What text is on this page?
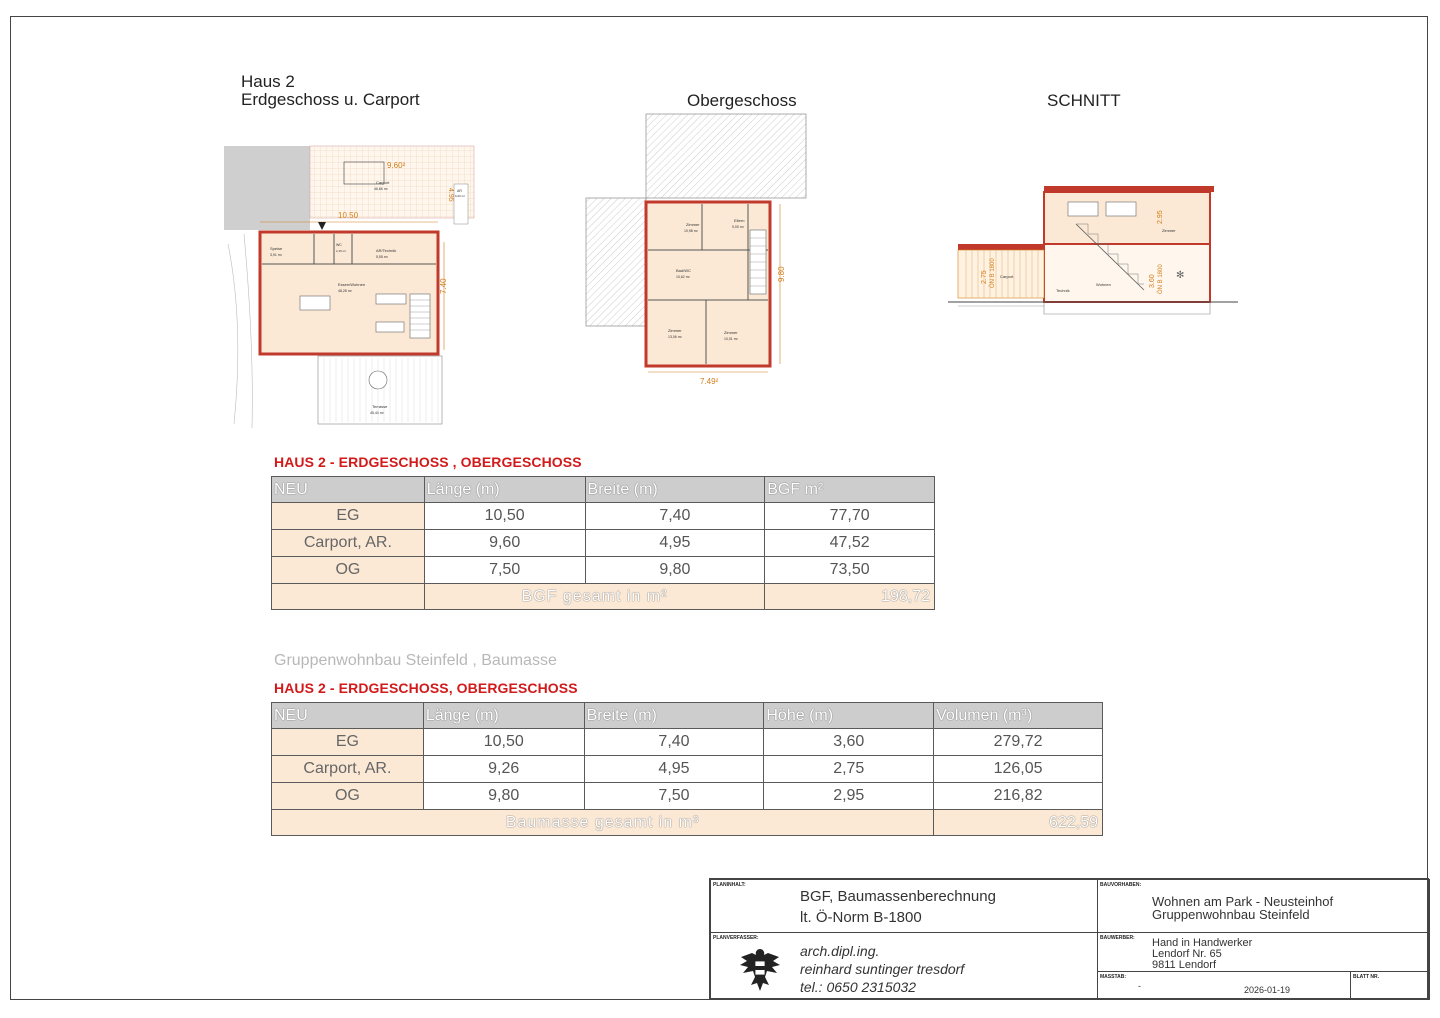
Haus 2
Erdgeschoss u. Carport	Obergeschoss	SCHNITT
Carport
46,66 m²
9.60²
4.95 AR
6,00 m²
10.50
Speise
3,91 m²
WC
2,15 m²	AR/Technik
5,55 m²
Essen/Wohnen
48,28 m²	7.40
Terrasse
45,44 m²
Zimmer
10,98 m²
Eltern
9,00 m²
Bad/WC
10,62 m²
Zimmer
13,06 m²
Zimmer
10,01 m²
7.49²
9.80
Zimmer
Wohnen
Technik
Carport
2.95
2.75 ÖN B 1800	3.60 ÖN B 1800 ✻
HAUS 2 - ERDGESCHOSS , OBERGESCHOSS
NEU	Länge (m)	Breite (m)	BGF m²
EG	10,50	7,40	77,70
Carport, AR.	9,60	4,95	47,52
OG	7,50	9,80	73,50
	BGF gesamt in m²		198,72
Gruppenwohnbau Steinfeld , Baumasse
HAUS 2 - ERDGESCHOSS, OBERGESCHOSS
NEU	Länge (m)	Breite (m)	Höhe (m)	Volumen (m³)
EG	10,50	7,40	3,60	279,72
Carport, AR.	9,26	4,95	2,75	126,05
OG	9,80	7,50	2,95	216,82
Baumasse gesamt in m³				622,59
PLANINHALT:
BGF, Baumassenberechnung
lt. Ö-Norm B-1800
BAUVORHABEN:
Wohnen am Park - Neusteinhof
Gruppenwohnbau Steinfeld
PLANVERFASSER:
arch.dipl.ing.
reinhard suntinger tresdorf
tel.: 0650 2315032
BAUWERBER: Hand in Handwerker
Lendorf Nr. 65
9811 Lendorf
MASSTAB:
-	2026-01-19
BLATT NR.
